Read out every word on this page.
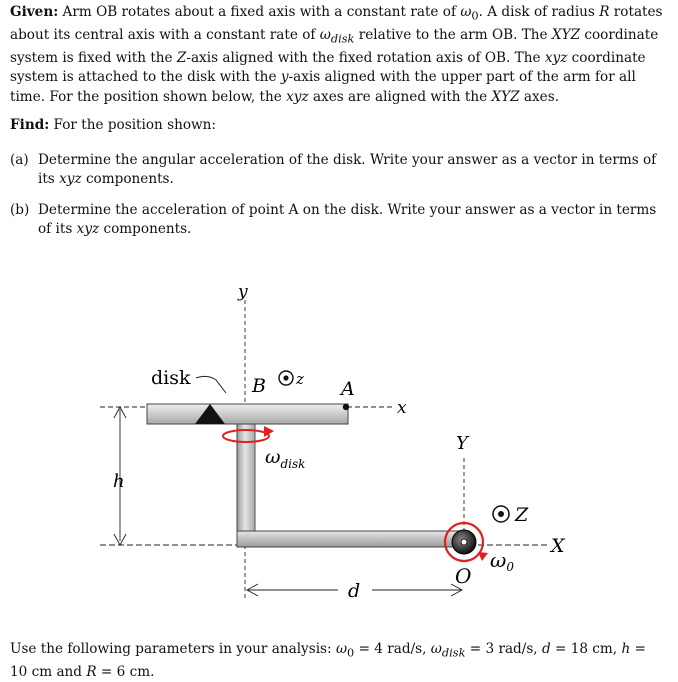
Given: Arm OB rotates about a fixed axis with a constant rate of $\omega_0$. A disk of radius R rotates about its central axis with a constant rate of $\omega_{disk}$ relative to the arm OB. The XYZ coordinate system is fixed with the Z-axis aligned with the fixed rotation axis of OB. The xyz coordinate system is attached to the disk with the y-axis aligned with the upper part of the arm for all time. For the position shown below, the xyz axes are aligned with the XYZ axes.

Find: For the position shown:

(a) Determine the angular acceleration of the disk. Write your answer as a vector in terms of its xyz components.
(b) Determine the acceleration of point A on the disk. Write your answer as a vector in terms of its xyz components.
y
x
X
Y
h
d
O
$\omega_0$
Z
z
B	A
disk
$\omega_{disk}$

Use the following parameters in your analysis: $\omega_0 = 4$ rad/s, $\omega_{disk} = 3$ rad/s, d = 18 cm, h = 10 cm and R = 6 cm.
